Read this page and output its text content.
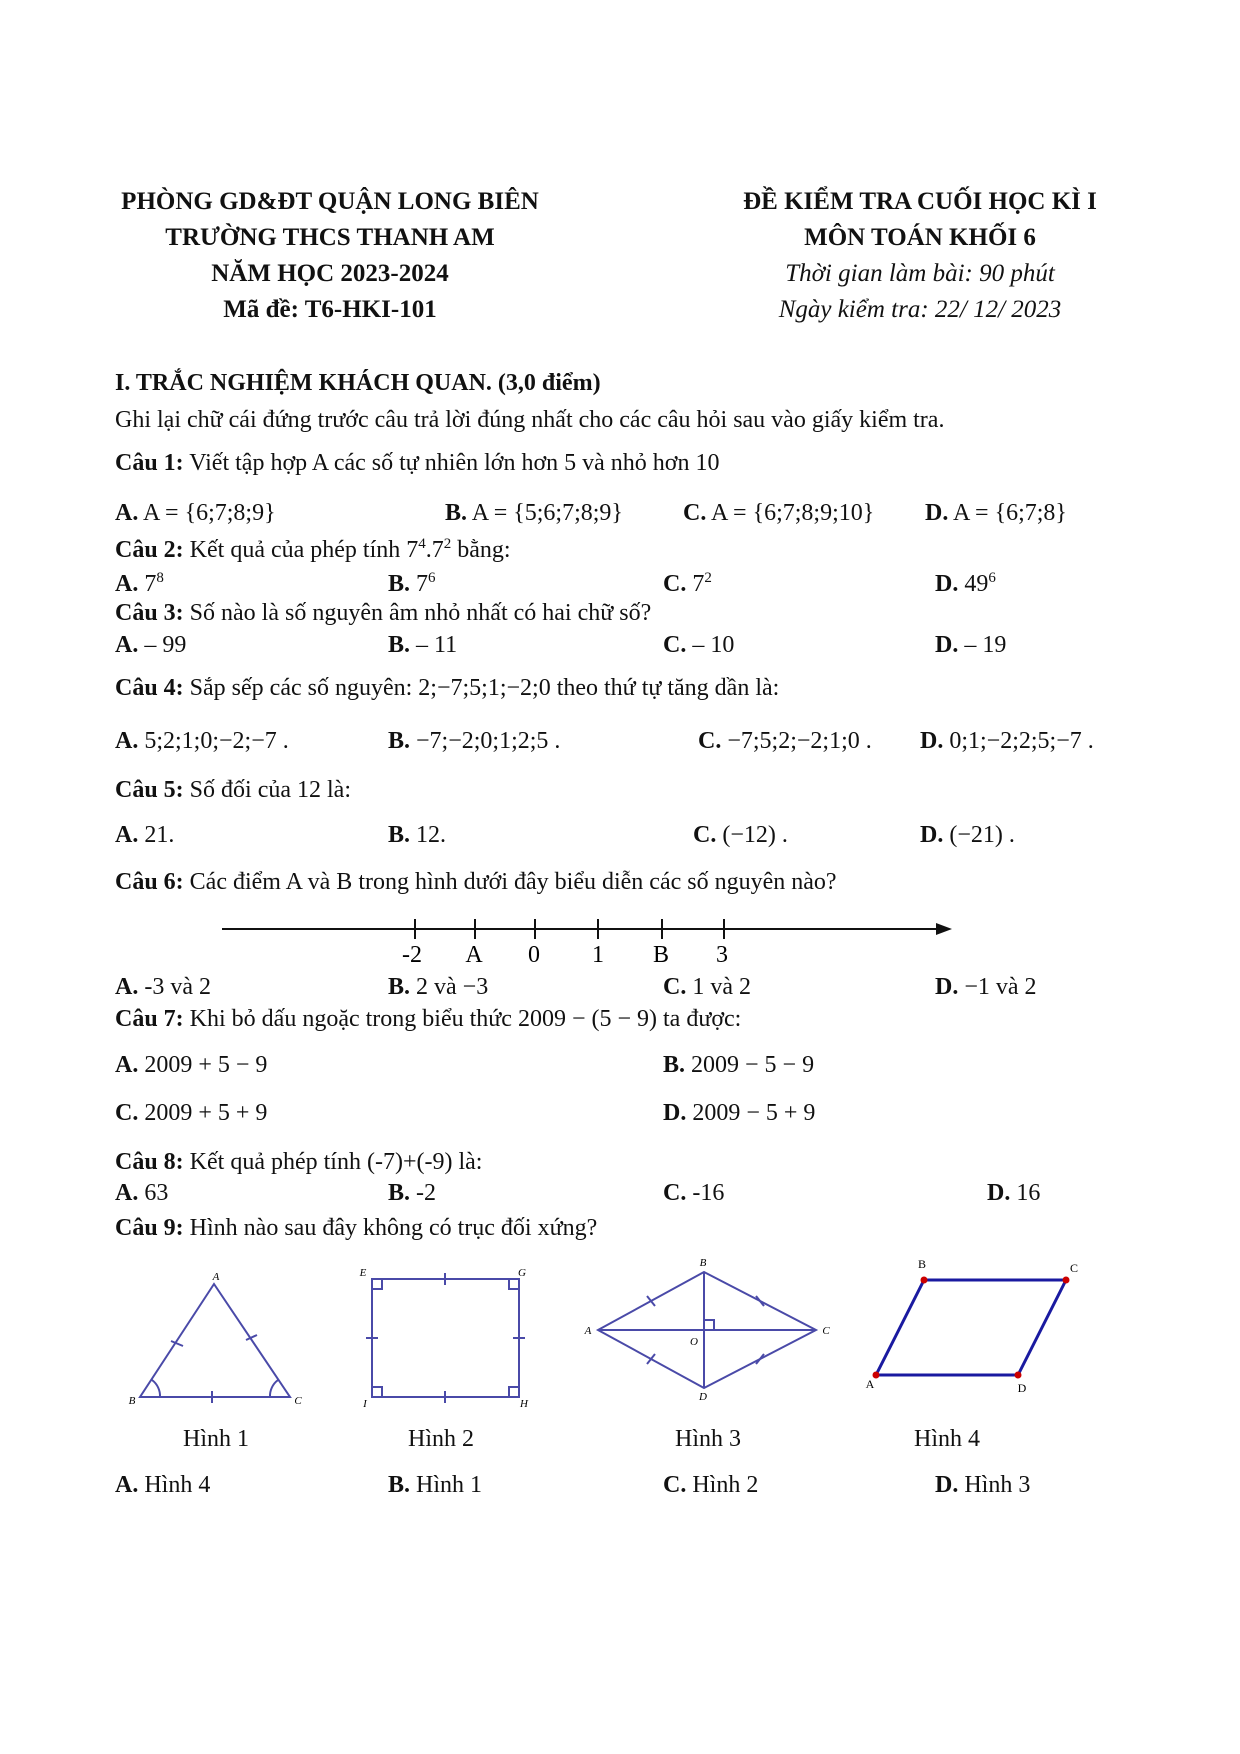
PHÒNG GD&ĐT QUẬN LONG BIÊN
TRƯỜNG THCS THANH AM
NĂM HỌC 2023-2024
Mã đề: T6-HKI-101
ĐỀ KIỂM TRA CUỐI HỌC KÌ I
MÔN TOÁN KHỐI 6
Thời gian làm bài: 90 phút
Ngày kiểm tra: 22/ 12/ 2023
I. TRẮC NGHIỆM KHÁCH QUAN. (3,0 điểm)
Ghi lại chữ cái đứng trước câu trả lời đúng nhất cho các câu hỏi sau vào giấy kiểm tra.
Câu 1: Viết tập hợp A các số tự nhiên lớn hơn 5 và nhỏ hơn 10
A. A = {6;7;8;9}	B. A = {5;6;7;8;9}	C. A = {6;7;8;9;10} D. A = {6;7;8}
Câu 2: Kết quả của phép tính $7^4.7^2$ bằng:
A. $7^8$	B. $7^6$	C. $7^2$	D. $49^6$
Câu 3: Số nào là số nguyên âm nhỏ nhất có hai chữ số?
A. – 99	B. – 11	C. – 10	D. – 19
Câu 4: Sắp sếp các số nguyên: 2;−7;5;1;−2;0 theo thứ tự tăng dần là:
A. 5;2;1;0;−2;−7 .	B. −7;−2;0;1;2;5 .	C. −7;5;2;−2;1;0 . D. 0;1;−2;2;5;−7 .
Câu 5: Số đối của 12 là:
A. 21.	B. 12.	C. (−12) .	D. (−21) .
Câu 6: Các điểm A và B trong hình dưới đây biểu diễn các số nguyên nào?
-2 A 0 1 B 3
A. -3 và 2	B. 2 và −3	C. 1 và 2	D. −1 và 2
Câu 7: Khi bỏ dấu ngoặc trong biểu thức 2009 − (5 − 9) ta được:
A. 2009 + 5 − 9	B. 2009 − 5 − 9
C. 2009 + 5 + 9	D. 2009 − 5 + 9
Câu 8: Kết quả phép tính (-7)+(-9) là:
A. 63	B. -2	C. -16	D. 16
Câu 9: Hình nào sau đây không có trục đối xứng?
A
B	C
E	G
I	H
B
A	C
D
O
B	C
A	D
Hình 1	Hình 2	Hình 3	Hình 4
A. Hình 4	B. Hình 1	C. Hình 2	D. Hình 3
